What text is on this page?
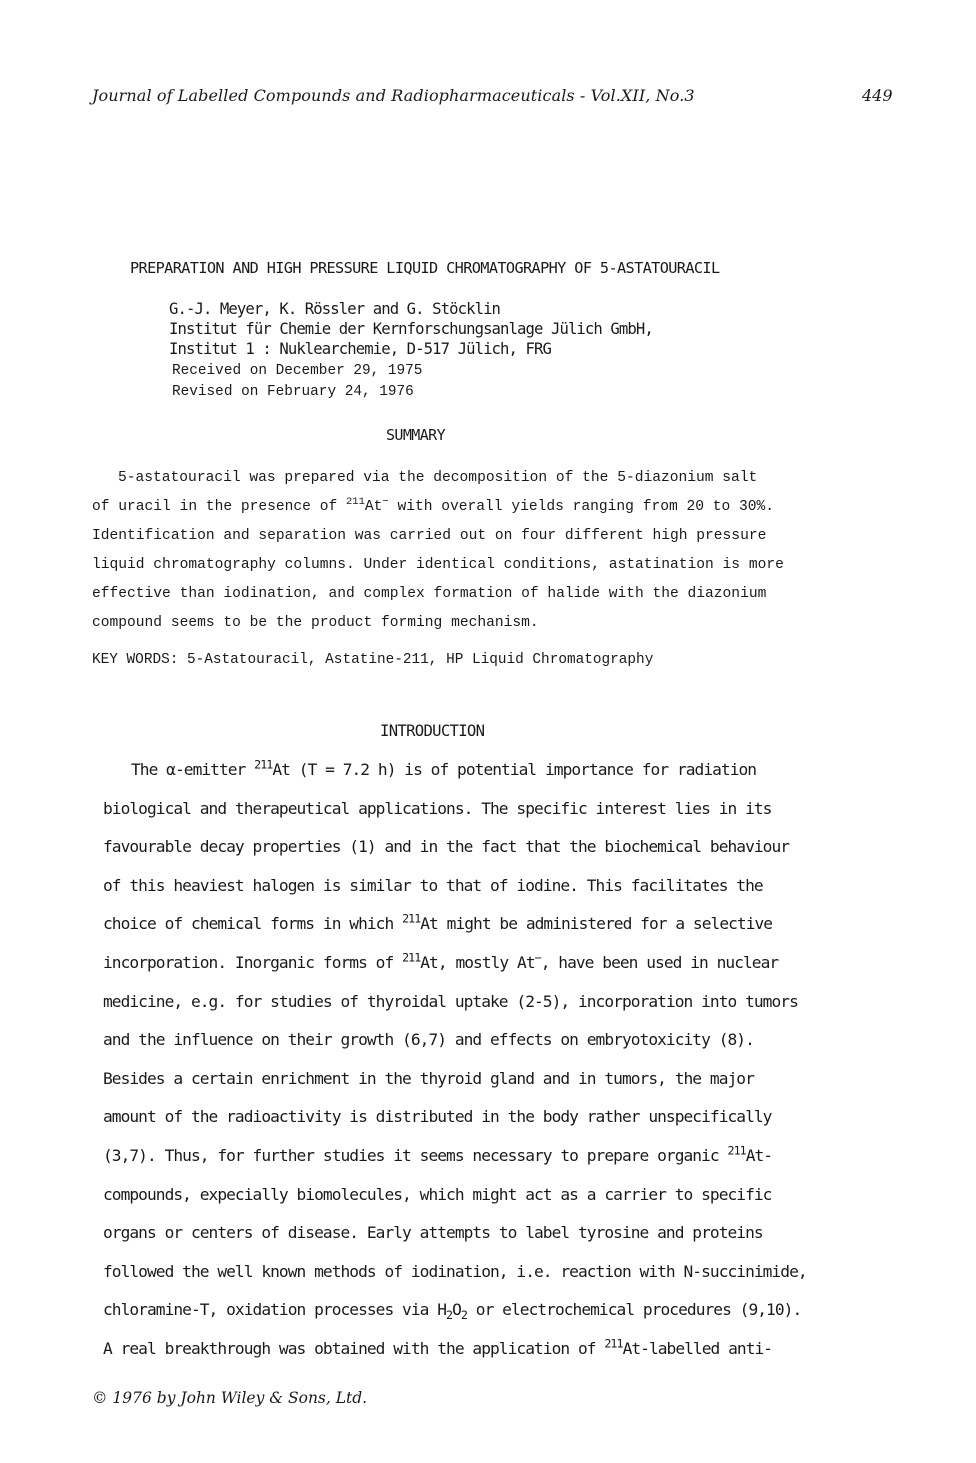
Journal of Labelled Compounds and Radiopharmaceuticals - Vol.XII, No.3	449
PREPARATION AND HIGH PRESSURE LIQUID CHROMATOGRAPHY OF 5-ASTATOURACIL
G.-J. Meyer, K. Rössler and G. Stöcklin
Institut für Chemie der Kernforschungsanlage Jülich GmbH,
Institut 1 : Nuklearchemie, D-517 Jülich, FRG
Received on December 29, 1975
Revised on February 24, 1976
SUMMARY
5-astatouracil was prepared via the decomposition of the 5-diazonium salt
of uracil in the presence of $^{211}$At− with overall yields ranging from 20 to 30%.
Identification and separation was carried out on four different high pressure
liquid chromatography columns. Under identical conditions, astatination is more
effective than iodination, and complex formation of halide with the diazonium
compound seems to be the product forming mechanism.
KEY WORDS: 5-Astatouracil, Astatine-211, HP Liquid Chromatography
INTRODUCTION
The α-emitter $^{211}$At (T = 7.2 h) is of potential importance for radiation
biological and therapeutical applications. The specific interest lies in its
favourable decay properties (1) and in the fact that the biochemical behaviour
of this heaviest halogen is similar to that of iodine. This facilitates the
choice of chemical forms in which $^{211}$At might be administered for a selective
incorporation. Inorganic forms of $^{211}$At, mostly At−, have been used in nuclear
medicine, e.g. for studies of thyroidal uptake (2-5), incorporation into tumors
and the influence on their growth (6,7) and effects on embryotoxicity (8).
Besides a certain enrichment in the thyroid gland and in tumors, the major
amount of the radioactivity is distributed in the body rather unspecifically
(3,7). Thus, for further studies it seems necessary to prepare organic $^{211}$At-
compounds, expecially biomolecules, which might act as a carrier to specific
organs or centers of disease. Early attempts to label tyrosine and proteins
followed the well known methods of iodination, i.e. reaction with N-succinimide,
chloramine-T, oxidation processes via $H_2O_2$ or electrochemical procedures (9,10).
A real breakthrough was obtained with the application of $^{211}$At-labelled anti-
© 1976 by John Wiley & Sons, Ltd.
